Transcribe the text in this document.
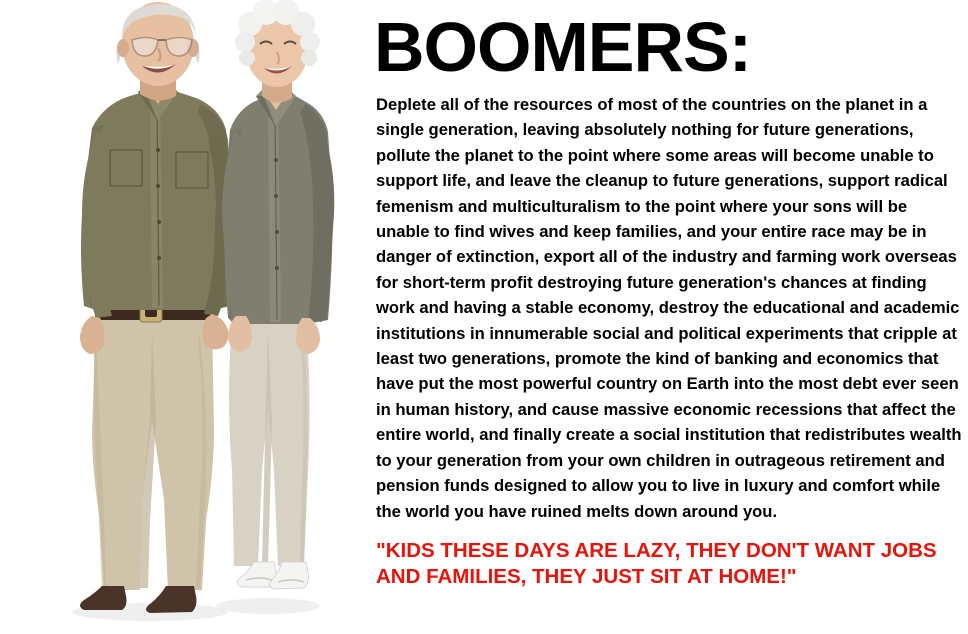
BOOMERS:
Deplete all of the resources of most of the countries on the planet in a single generation, leaving absolutely nothing for future generations, pollute the planet to the point where some areas will become unable to support life, and leave the cleanup to future generations, support radical femenism and multiculturalism to the point where your sons will be unable to find wives and keep families, and your entire race may be in danger of extinction, export all of the industry and farming work overseas for short-term profit destroying future generation's chances at finding work and having a stable economy, destroy the educational and academic institutions in innumerable social and political experiments that cripple at least two generations, promote the kind of banking and economics that have put the most powerful country on Earth into the most debt ever seen in human history, and cause massive economic recessions that affect the entire world, and finally create a social institution that redistributes wealth to your generation from your own children in outrageous retirement and pension funds designed to allow you to live in luxury and comfort while the world you have ruined melts down around you.
"KIDS THESE DAYS ARE LAZY, THEY DON'T WANT JOBS AND FAMILIES, THEY JUST SIT AT HOME!"
